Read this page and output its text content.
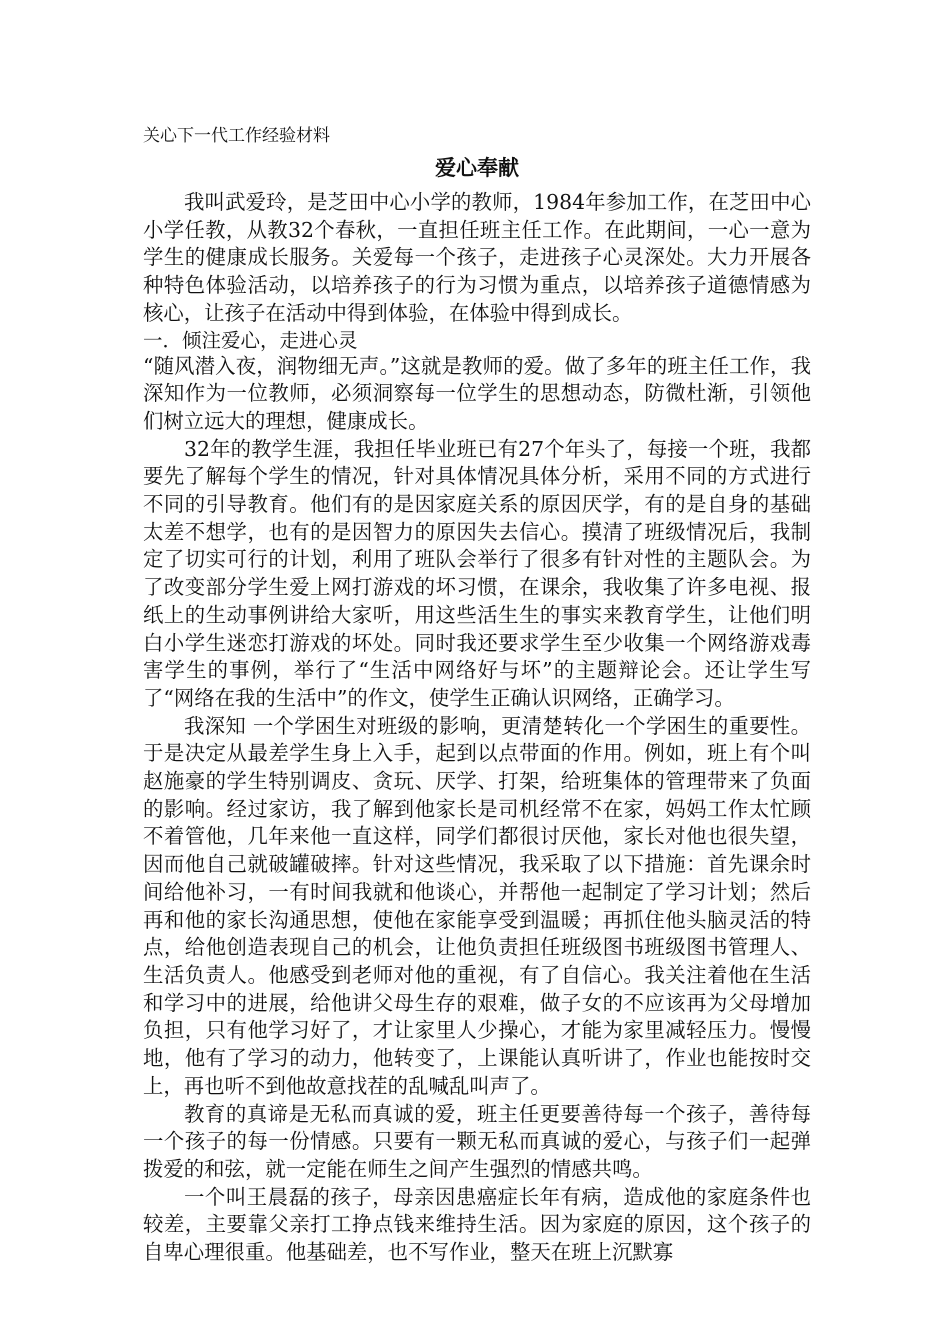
关心下一代工作经验材料
爱心奉献

我叫武爱玲，是芝田中心小学的教师，1984年参加工作，在芝田中心小学任教，从教32个春秋，一直担任班主任工作。在此期间，一心一意为学生的健康成长服务。关爱每一个孩子，走进孩子心灵深处。大力开展各种特色体验活动，以培养孩子的行为习惯为重点，以培养孩子道德情感为核心，让孩子在活动中得到体验，在体验中得到成长。

一．倾注爱心，走进心灵

“随风潜入夜，润物细无声。”这就是教师的爱。做了多年的班主任工作，我深知作为一位教师，必须洞察每一位学生的思想动态，防微杜渐，引领他们树立远大的理想，健康成长。

32年的教学生涯，我担任毕业班已有27个年头了，每接一个班，我都要先了解每个学生的情况，针对具体情况具体分析，采用不同的方式进行不同的引导教育。他们有的是因家庭关系的原因厌学，有的是自身的基础太差不想学，也有的是因智力的原因失去信心。摸清了班级情况后，我制定了切实可行的计划，利用了班队会举行了很多有针对性的主题队会。为了改变部分学生爱上网打游戏的坏习惯，在课余，我收集了许多电视、报纸上的生动事例讲给大家听，用这些活生生的事实来教育学生，让他们明白小学生迷恋打游戏的坏处。同时我还要求学生至少收集一个网络游戏毒害学生的事例，举行了“生活中网络好与坏”的主题辩论会。还让学生写了“网络在我的生活中”的作文，使学生正确认识网络，正确学习。

我深知 一个学困生对班级的影响，更清楚转化一个学困生的重要性。于是决定从最差学生身上入手，起到以点带面的作用。例如，班上有个叫赵施豪的学生特别调皮、贪玩、厌学、打架，给班集体的管理带来了负面的影响。经过家访，我了解到他家长是司机经常不在家，妈妈工作太忙顾不着管他，几年来他一直这样，同学们都很讨厌他，家长对他也很失望，因而他自己就破罐破摔。针对这些情况，我采取了以下措施：首先课余时间给他补习，一有时间我就和他谈心，并帮他一起制定了学习计划；然后再和他的家长沟通思想，使他在家能享受到温暖；再抓住他头脑灵活的特点，给他创造表现自己的机会，让他负责担任班级图书班级图书管理人、生活负责人。他感受到老师对他的重视，有了自信心。我关注着他在生活和学习中的进展，给他讲父母生存的艰难，做子女的不应该再为父母增加负担，只有他学习好了，才让家里人少操心，才能为家里减轻压力。慢慢地，他有了学习的动力，他转变了，上课能认真听讲了，作业也能按时交上，再也听不到他故意找茬的乱喊乱叫声了。

教育的真谛是无私而真诚的爱，班主任更要善待每一个孩子，善待每一个孩子的每一份情感。只要有一颗无私而真诚的爱心，与孩子们一起弹拨爱的和弦，就一定能在师生之间产生强烈的情感共鸣。

一个叫王晨磊的孩子，母亲因患癌症长年有病，造成他的家庭条件也较差，主要靠父亲打工挣点钱来维持生活。因为家庭的原因，这个孩子的自卑心理很重。他基础差，也不写作业，整天在班上沉默寡
